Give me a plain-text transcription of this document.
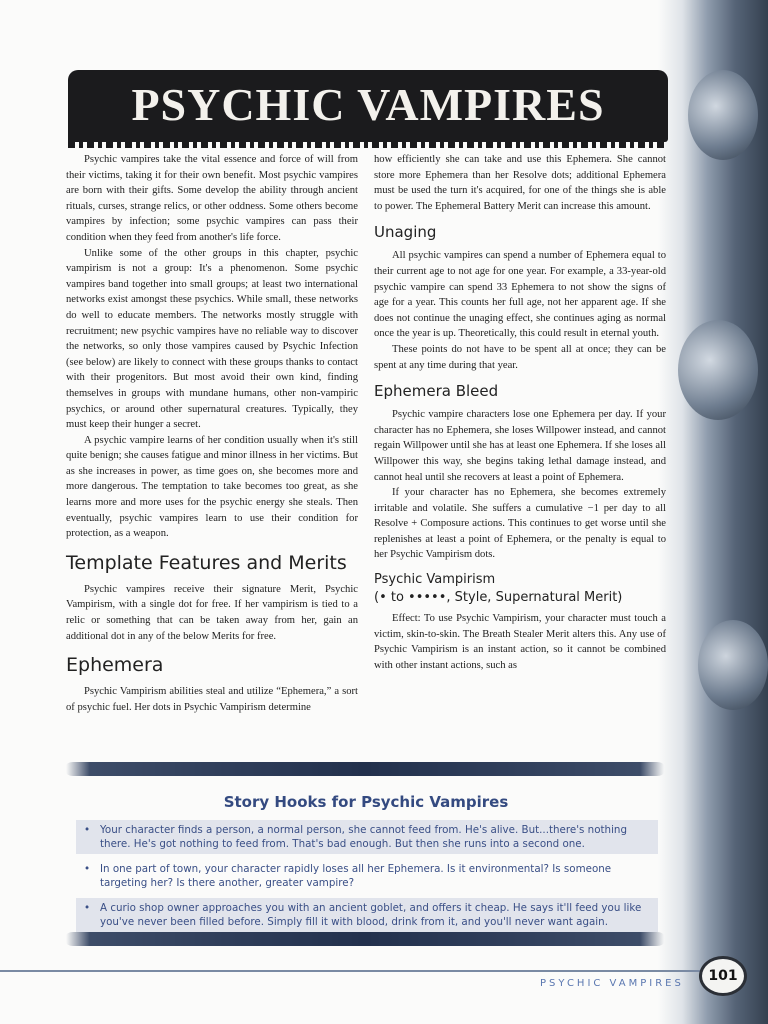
PSYCHIC VAMPIRES

Psychic vampires take the vital essence and force of will from their victims, taking it for their own benefit. Most psychic vampires are born with their gifts. Some develop the ability through ancient rituals, curses, strange relics, or other oddness. Some others become vampires by infection; some psychic vampires can pass their condition when they feed from another's life force.

Unlike some of the other groups in this chapter, psychic vampirism is not a group: It's a phenomenon. Some psychic vampires band together into small groups; at least two international networks exist amongst these psychics. While small, these networks do well to educate members. The networks mostly struggle with recruitment; new psychic vampires have no reliable way to discover the networks, so only those vampires caused by Psychic Infection (see below) are likely to connect with these groups thanks to contact with their progenitors. But most avoid their own kind, finding themselves in groups with mundane humans, other non-vampiric psychics, or around other supernatural creatures. Typically, they must keep their hunger a secret.

A psychic vampire learns of her condition usually when it's still quite benign; she causes fatigue and minor illness in her victims. But as she increases in power, as time goes on, she becomes more and more dangerous. The temptation to take becomes too great, as she learns more and more uses for the psychic energy she steals. Then eventually, psychic vampires learn to use their condition for protection, as a weapon.

Template Features and Merits

Psychic vampires receive their signature Merit, Psychic Vampirism, with a single dot for free. If her vampirism is tied to a relic or something that can be taken away from her, gain an additional dot in any of the below Merits for free.

Ephemera

Psychic Vampirism abilities steal and utilize “Ephemera,” a sort of psychic fuel. Her dots in Psychic Vampirism determine

how efficiently she can take and use this Ephemera. She cannot store more Ephemera than her Resolve dots; additional Ephemera must be used the turn it's acquired, for one of the things she is able to power. The Ephemeral Battery Merit can increase this amount.

Unaging

All psychic vampires can spend a number of Ephemera equal to their current age to not age for one year. For example, a 33-year-old psychic vampire can spend 33 Ephemera to not show the signs of age for a year. This counts her full age, not her apparent age. If she does not continue the unaging effect, she continues aging as normal once the year is up. Theoretically, this could result in eternal youth.

These points do not have to be spent all at once; they can be spent at any time during that year.

Ephemera Bleed

Psychic vampire characters lose one Ephemera per day. If your character has no Ephemera, she loses Willpower instead, and cannot regain Willpower until she has at least one Ephemera. If she loses all Willpower this way, she begins taking lethal damage instead, and cannot heal until she recovers at least a point of Ephemera.

If your character has no Ephemera, she becomes extremely irritable and volatile. She suffers a cumulative −1 per day to all Resolve + Composure actions. This continues to get worse until she replenishes at least a point of Ephemera, or the penalty is equal to her Psychic Vampirism dots.

Psychic Vampirism
(• to •••••, Style, Supernatural Merit)

Effect: To use Psychic Vampirism, your character must touch a victim, skin-to-skin. The Breath Stealer Merit alters this. Any use of Psychic Vampirism is an instant action, so it cannot be combined with other instant actions, such as

Story Hooks for Psychic Vampires
• Your character finds a person, a normal person, she cannot feed from. He's alive. But...there's nothing there. He's got nothing to feed from. That's bad enough. But then she runs into a second one.
• In one part of town, your character rapidly loses all her Ephemera. Is it environmental? Is someone targeting her? Is there another, greater vampire?
• A curio shop owner approaches you with an ancient goblet, and offers it cheap. He says it'll feed you like you've never been filled before. Simply fill it with blood, drink from it, and you'll never want again.
PSYCHIC VAMPIRES	101
